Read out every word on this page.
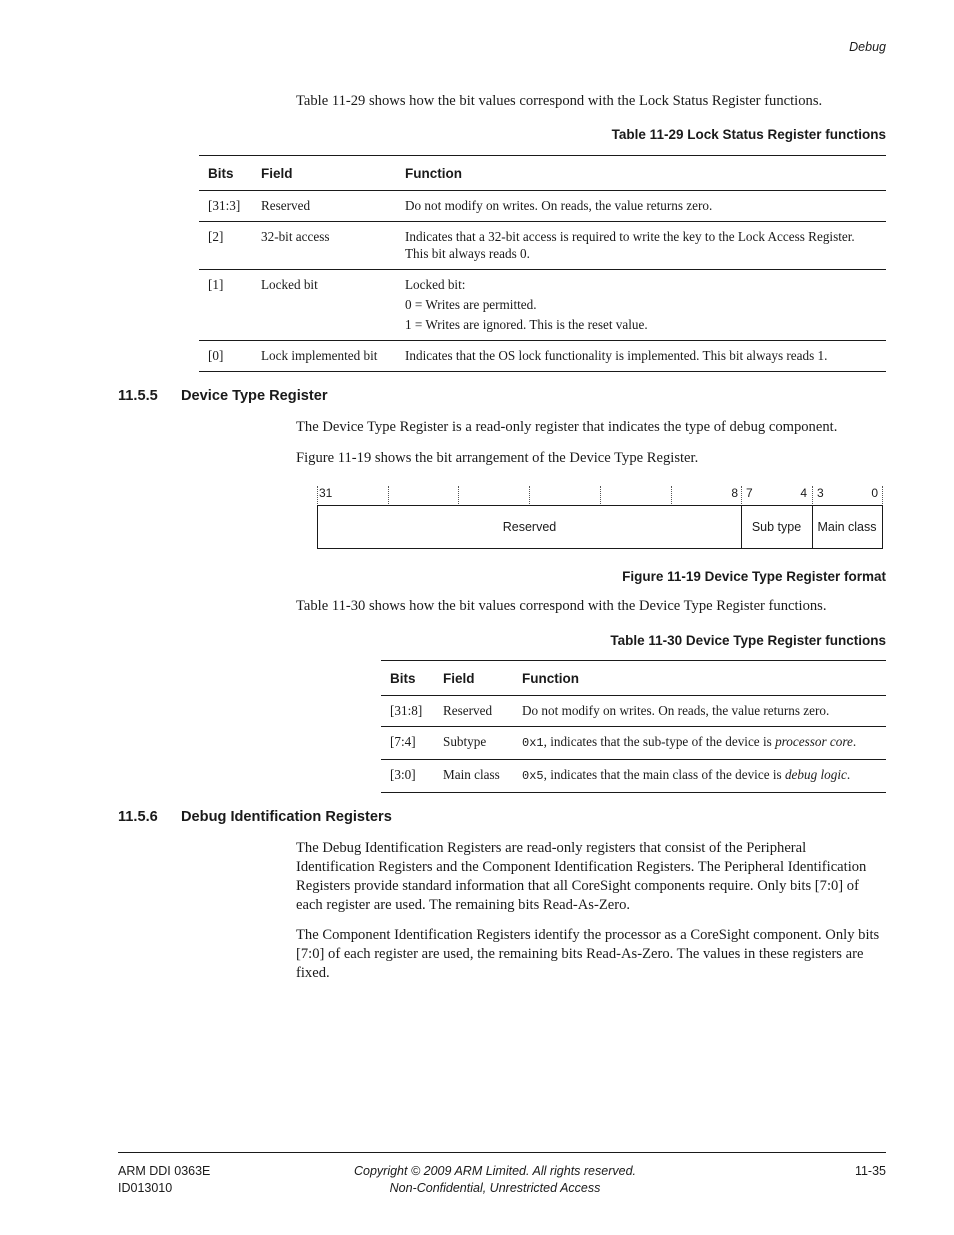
Debug

Table 11-29 shows how the bit values correspond with the Lock Status Register functions.

Table 11-29 Lock Status Register functions
Bits	Field	Function
[31:3]	Reserved	Do not modify on writes. On reads, the value returns zero.

[2]	32-bit access	Indicates that a 32-bit access is required to write the key to the Lock Access Register. This bit always reads 0.

[1]	Locked bit	Locked bit:
0 = Writes are permitted.
1 = Writes are ignored. This is the reset value.

[0]	Lock implemented bit	Indicates that the OS lock functionality is implemented. This bit always reads 1.
11.5.5 Device Type Register

The Device Type Register is a read-only register that indicates the type of debug component.

Figure 11-19 shows the bit arrangement of the Device Type Register.

31	8 7	4 3	0
Reserved	Sub type	Main class
Figure 11-19 Device Type Register format

Table 11-30 shows how the bit values correspond with the Device Type Register functions.

Table 11-30 Device Type Register functions
Bits	Field	Function
[31:8]	Reserved	Do not modify on writes. On reads, the value returns zero.
[7:4]	Subtype	0x1, indicates that the sub-type of the device is processor core.
[3:0]	Main class	0x5, indicates that the main class of the device is debug logic.
11.5.6 Debug Identification Registers

The Debug Identification Registers are read-only registers that consist of the Peripheral Identification Registers and the Component Identification Registers. The Peripheral Identification Registers provide standard information that all CoreSight components require. Only bits [7:0] of each register are used. The remaining bits Read-As-Zero.

The Component Identification Registers identify the processor as a CoreSight component. Only bits [7:0] of each register are used, the remaining bits Read-As-Zero. The values in these registers are fixed.

ARM DDI 0363E
ID013010
Copyright © 2009 ARM Limited. All rights reserved.
Non-Confidential, Unrestricted Access
11-35
